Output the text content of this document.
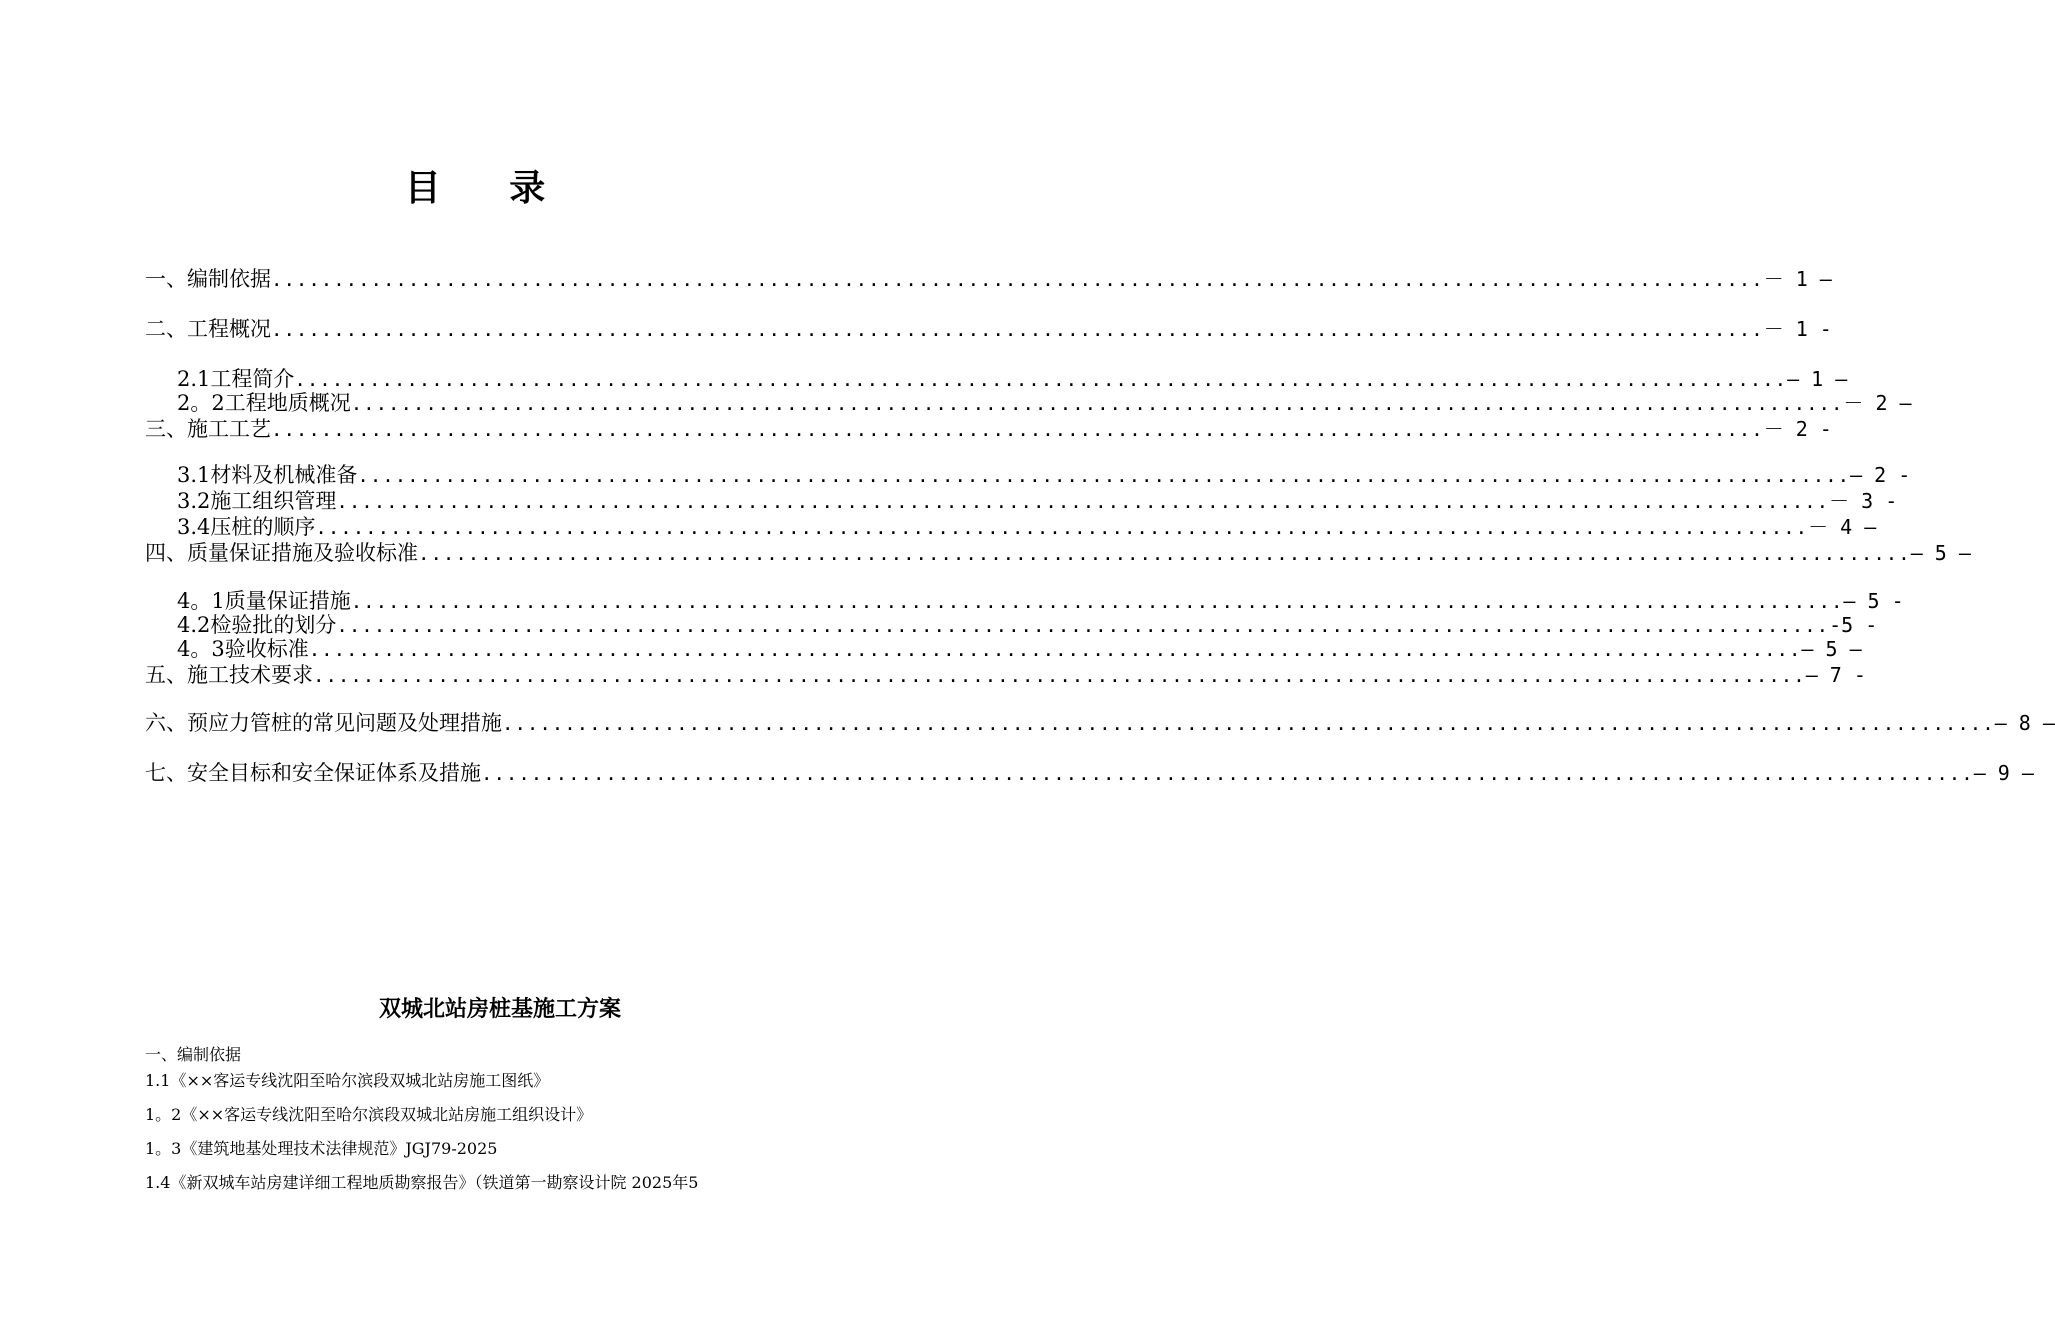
目 录
一、编制依据 ........................................................................................................................ － 1 —
二、工程概况 ........................................................................................................................ － 1 -
2.1工程简介 ........................................................................................................................ — 1 —
2。2工程地质概况 ........................................................................................................................ － 2 —
三、施工工艺 ........................................................................................................................ － 2 -
3.1材料及机械准备 ........................................................................................................................ — 2 -
3.2施工组织管理 ........................................................................................................................ － 3 -
3.4压桩的顺序 ........................................................................................................................ － 4 —
四、质量保证措施及验收标准 ........................................................................................................................ — 5 —
4。1质量保证措施 ........................................................................................................................ — 5 -
4.2检验批的划分 ........................................................................................................................ -5 -
4。3验收标准 ........................................................................................................................ — 5 —
五、施工技术要求 ........................................................................................................................ — 7 -
六、预应力管桩的常见问题及处理措施 ........................................................................................................................ — 8 —
七、安全目标和安全保证体系及措施 ........................................................................................................................ — 9 —
双城北站房桩基施工方案
一、编制依据
1.1《××客运专线沈阳至哈尔滨段双城北站房施工图纸》
1。2《××客运专线沈阳至哈尔滨段双城北站房施工组织设计》
1。3《建筑地基处理技术法律规范》JGJ79-2025
1.4《新双城车站房建详细工程地质勘察报告》（铁道第一勘察设计院 2025年5
